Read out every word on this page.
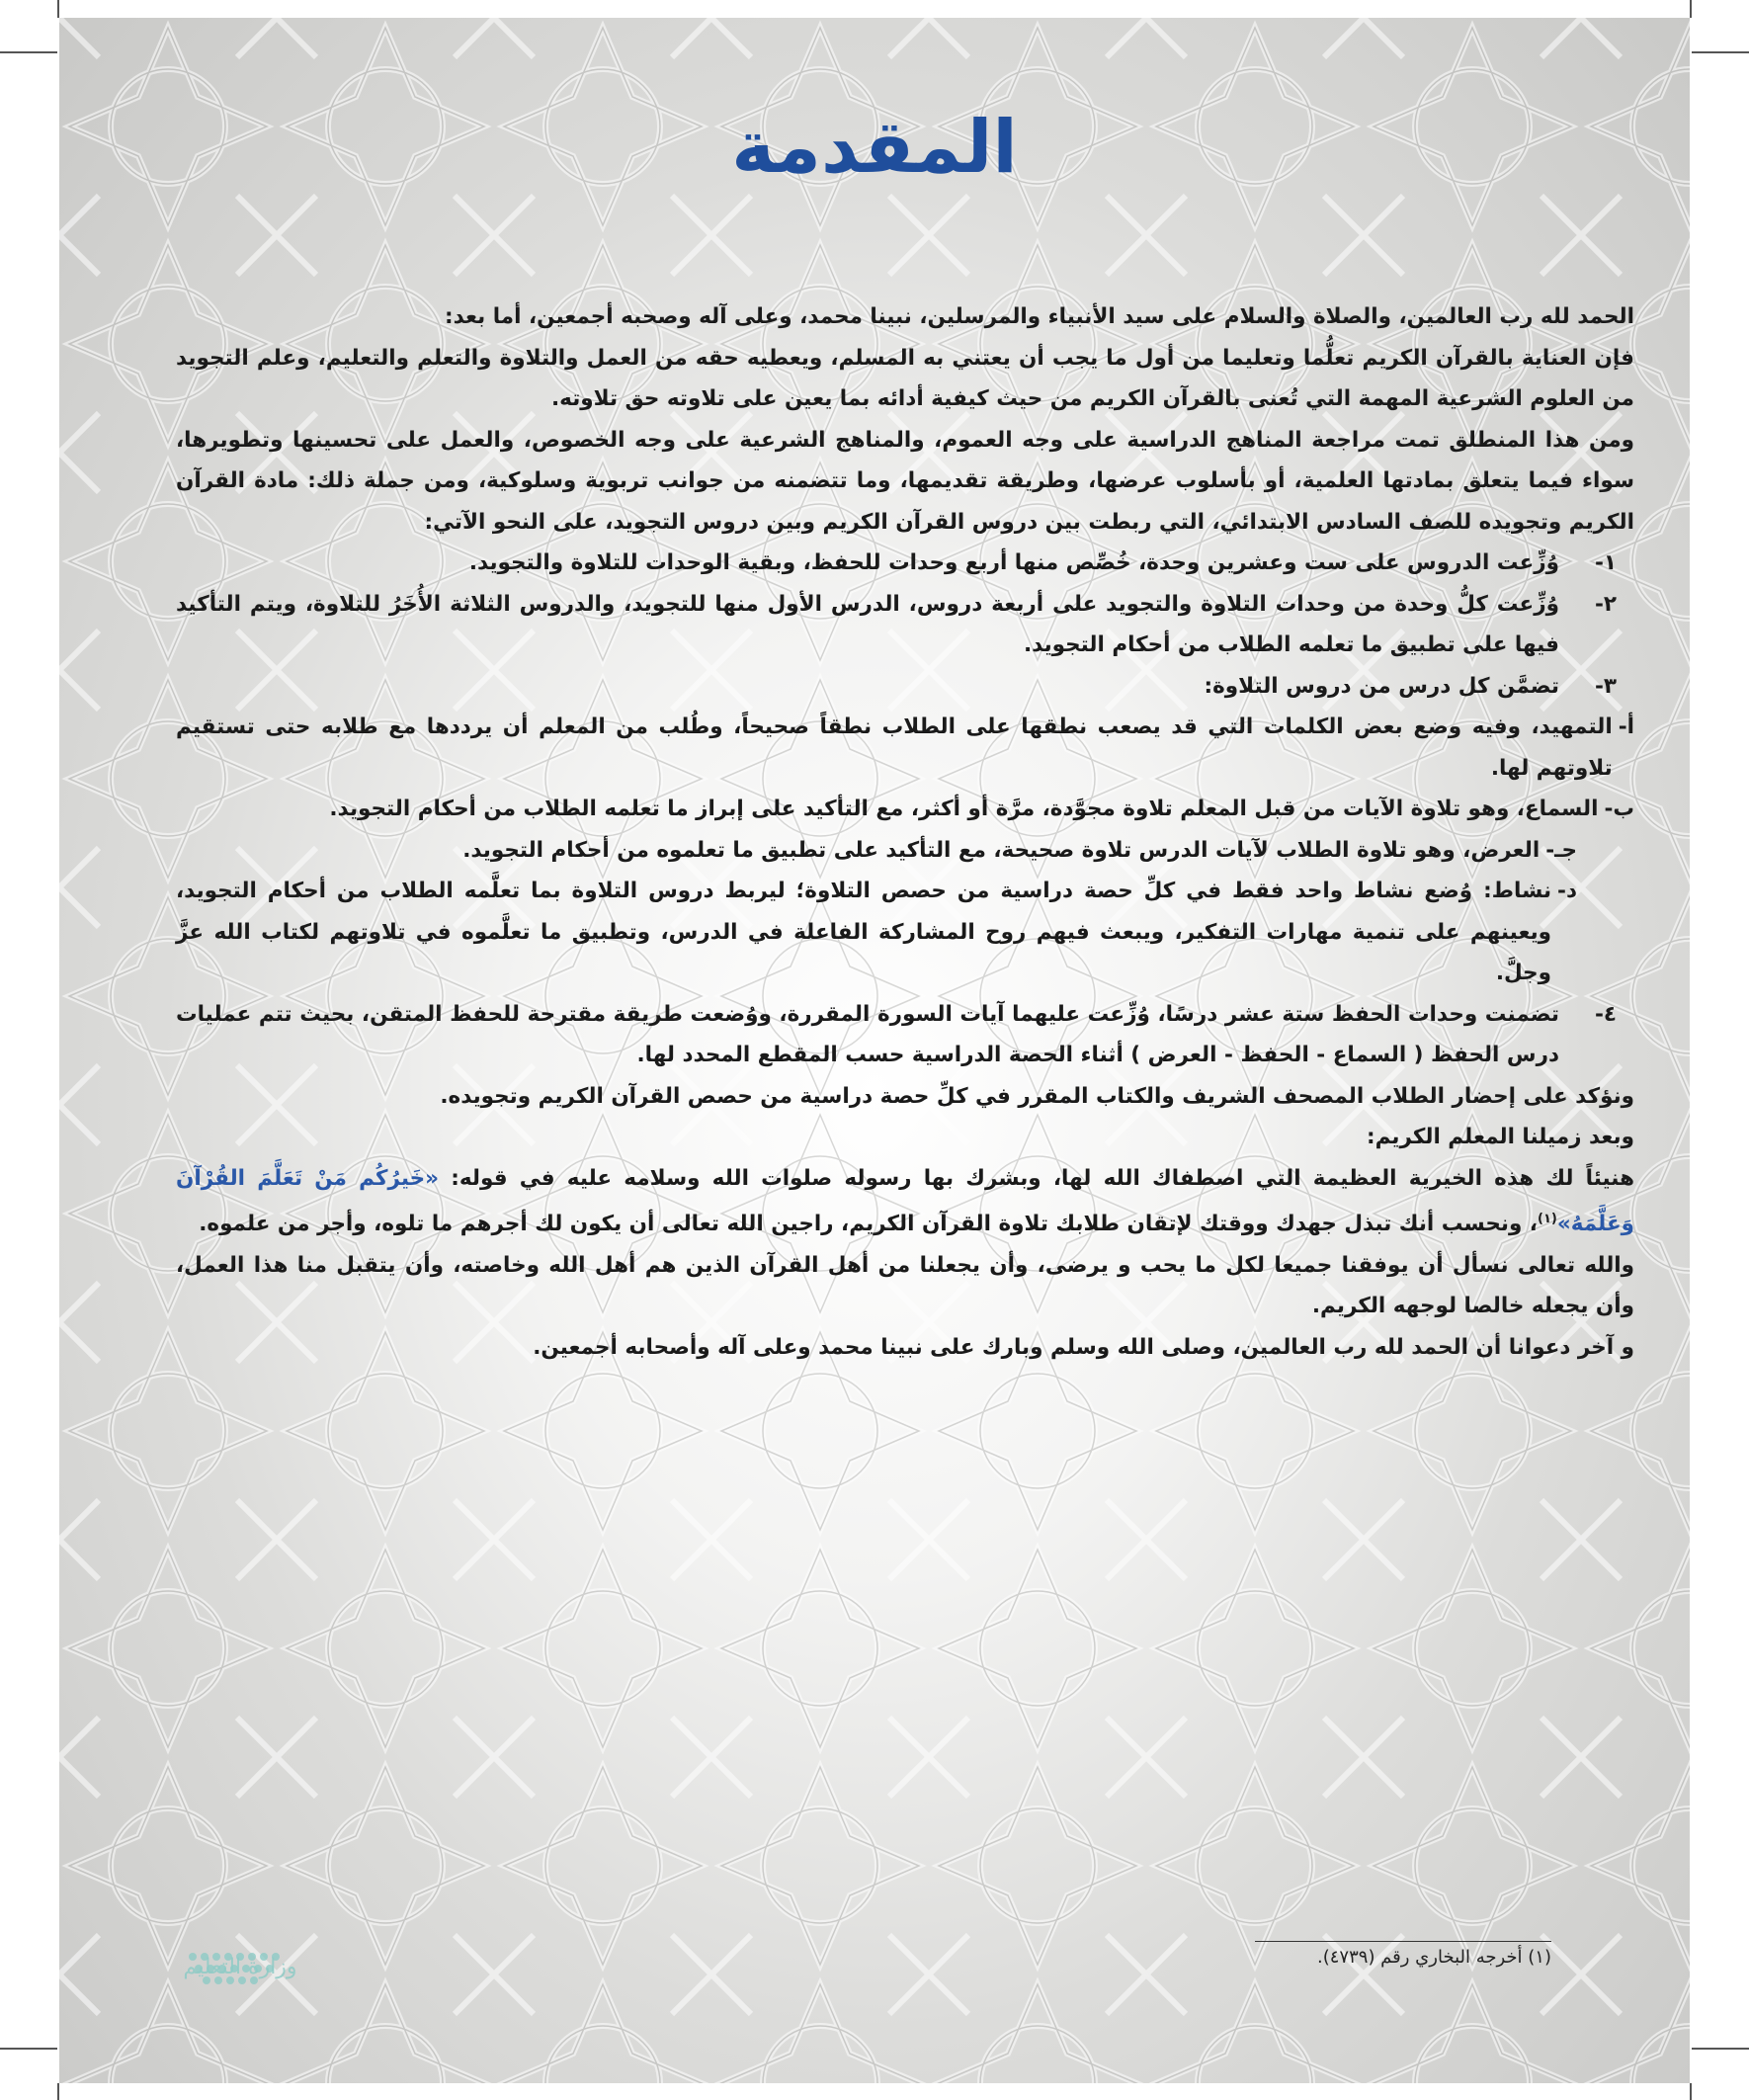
المقدمة

الحمد لله رب العالمين، والصلاة والسلام على سيد الأنبياء والمرسلين، نبينا محمد، وعلى آله وصحبه أجمعين، أما بعد:

فإن العناية بالقرآن الكريم تعلُّما وتعليما من أول ما يجب أن يعتني به المسلم، ويعطيه حقه من العمل والتلاوة والتعلم والتعليم، وعلم التجويد من العلوم الشرعية المهمة التي تُعنى بالقرآن الكريم من حيث كيفية أدائه بما يعين على تلاوته حق تلاوته.

ومن هذا المنطلق تمت مراجعة المناهج الدراسية على وجه العموم، والمناهج الشرعية على وجه الخصوص، والعمل على تحسينها وتطويرها، سواء فيما يتعلق بمادتها العلمية، أو بأسلوب عرضها، وطريقة تقديمها، وما تتضمنه من جوانب تربوية وسلوكية، ومن جملة ذلك: مادة القرآن الكريم وتجويده للصف السادس الابتدائي، التي ربطت بين دروس القرآن الكريم وبين دروس التجويد، على النحو الآتي:

١-
وُزِّعت الدروس على ست وعشرين وحدة، خُصِّص منها أربع وحدات للحفظ، وبقية الوحدات للتلاوة والتجويد.
٢-
وُزِّعت كلُّ وحدة من وحدات التلاوة والتجويد على أربعة دروس، الدرس الأول منها للتجويد، والدروس الثلاثة الأُخَرُ للتلاوة، ويتم التأكيد فيها على تطبيق ما تعلمه الطلاب من أحكام التجويد.
٣-
تضمَّن كل درس من دروس التلاوة:
أ-
التمهيد، وفيه وضع بعض الكلمات التي قد يصعب نطقها على الطلاب نطقاً صحيحاً، وطُلب من المعلم أن يرددها مع طلابه حتى تستقيم تلاوتهم لها.
ب-
السماع، وهو تلاوة الآيات من قبل المعلم تلاوة مجوَّدة، مرَّة أو أكثر، مع التأكيد على إبراز ما تعلمه الطلاب من أحكام التجويد.
جـ-
العرض، وهو تلاوة الطلاب لآيات الدرس تلاوة صحيحة، مع التأكيد على تطبيق ما تعلموه من أحكام التجويد.
د-
نشاط: وُضع نشاط واحد فقط في كلِّ حصة دراسية من حصص التلاوة؛ ليربط دروس التلاوة بما تعلَّمه الطلاب من أحكام التجويد، ويعينهم على تنمية مهارات التفكير، ويبعث فيهم روح المشاركة الفاعلة في الدرس، وتطبيق ما تعلَّموه في تلاوتهم لكتاب الله عزَّ وجلَّ.
٤-
تضمنت وحدات الحفظ ستة عشر درسًا، وُزِّعت عليهما آيات السورة المقررة، ووُضعت طريقة مقترحة للحفظ المتقن، بحيث تتم عمليات درس الحفظ ( السماع - الحفظ - العرض ) أثناء الحصة الدراسية حسب المقطع المحدد لها.

ونؤكد على إحضار الطلاب المصحف الشريف والكتاب المقرر في كلِّ حصة دراسية من حصص القرآن الكريم وتجويده.

وبعد زميلنا المعلم الكريم:

هنيئاً لك هذه الخيرية العظيمة التي اصطفاك الله لها، وبشرك بها رسوله صلوات الله وسلامه عليه في قوله: «خَيرُكُم مَنْ تَعَلَّمَ القُرْآنَ وَعَلَّمَهُ»$^{(١)}$، ونحسب أنك تبذل جهدك ووقتك لإتقان طلابك تلاوة القرآن الكريم، راجين الله تعالى أن يكون لك أجرهم ما تلوه، وأجر من علموه.

والله تعالى نسأل أن يوفقنا جميعا لكل ما يحب و يرضى، وأن يجعلنا من أهل القرآن الذين هم أهل الله وخاصته، وأن يتقبل منا هذا العمل، وأن يجعله خالصا لوجهه الكريم.

و آخر دعوانا أن الحمد لله رب العالمين، وصلى الله وسلم وبارك على نبينا محمد وعلى آله وأصحابه أجمعين.

(١) أخرجه البخاري رقم (٤٧٣٩).
وزارة التعليم
